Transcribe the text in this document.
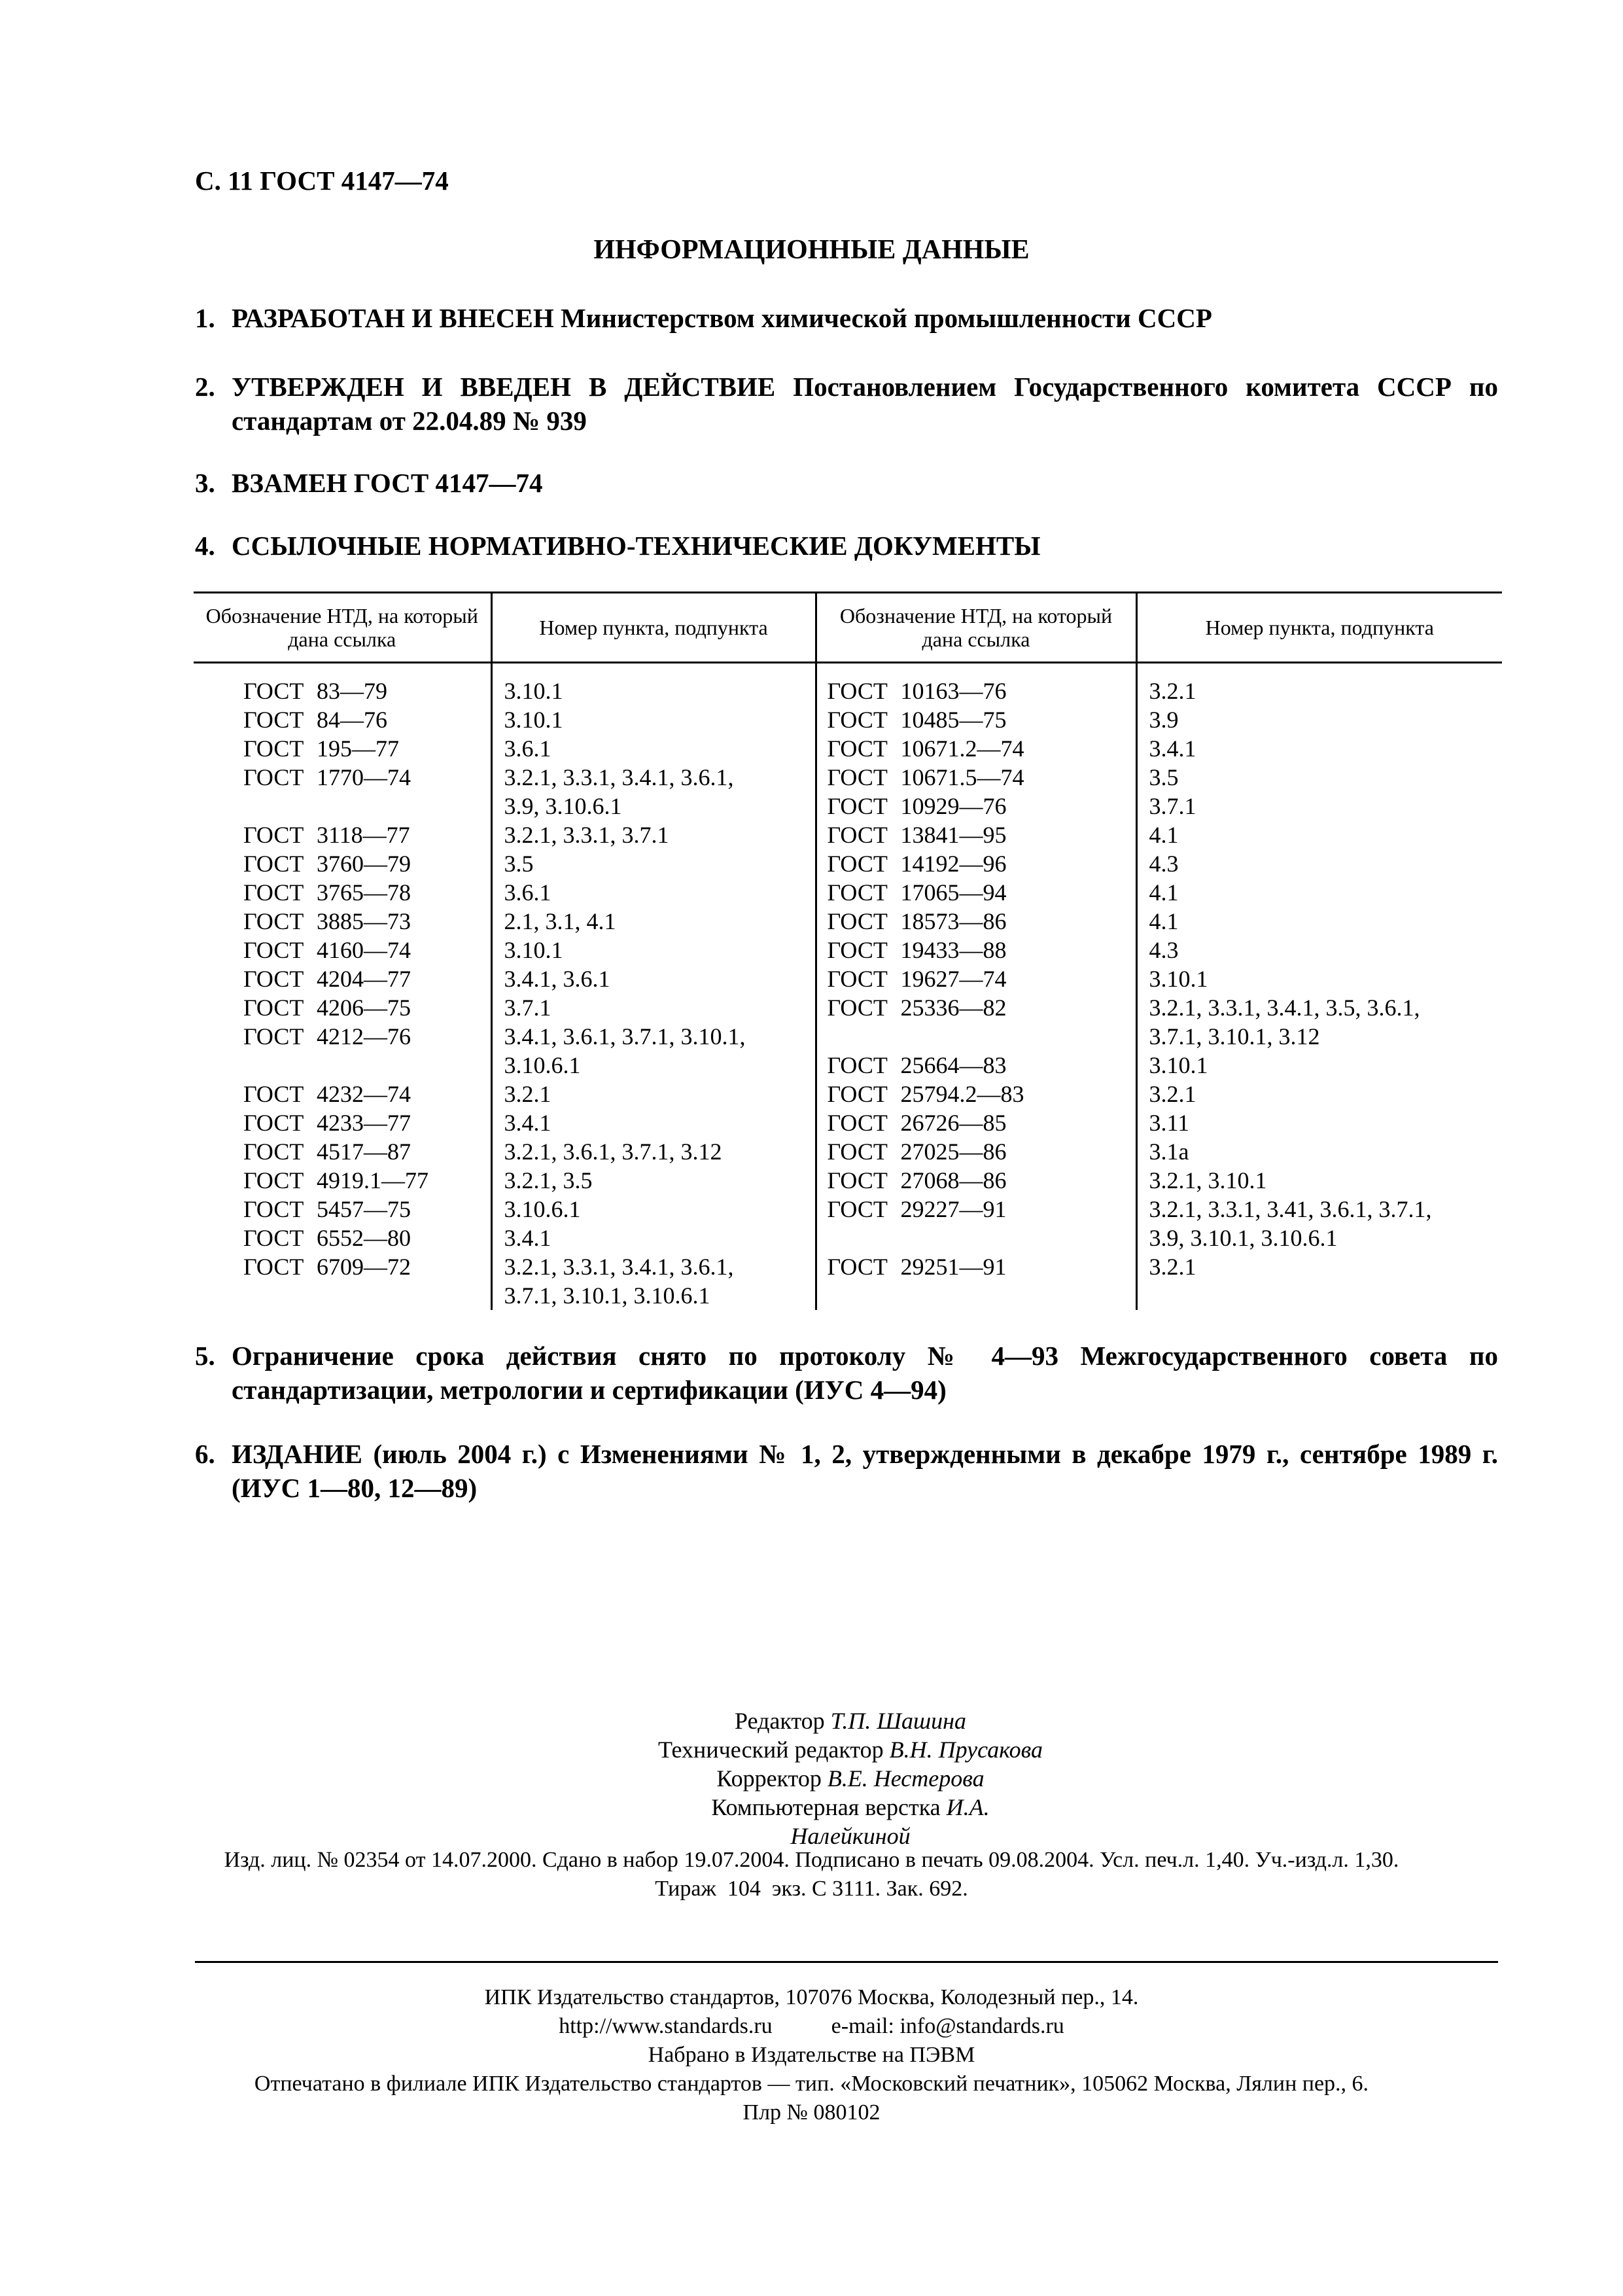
С. 11 ГОСТ 4147—74
ИНФОРМАЦИОННЫЕ ДАННЫЕ
1. РАЗРАБОТАН И ВНЕСЕН Министерством химической промышленности СССР
2. УТВЕРЖДЕН И ВВЕДЕН В ДЕЙСТВИЕ Постановлением Государственного комитета СССР по стандартам от 22.04.89 № 939
3. ВЗАМЕН ГОСТ 4147—74
4. ССЫЛОЧНЫЕ НОРМАТИВНО-ТЕХНИЧЕСКИЕ ДОКУМЕНТЫ
Обозначение НТД, на который дана ссылка	Номер пункта, подпункта	Обозначение НТД, на который дана ссылка	Номер пункта, подпункта
ГОСТ 83—79	3.10.1	ГОСТ 10163—76	3.2.1
ГОСТ 84—76	3.10.1	ГОСТ 10485—75	3.9
ГОСТ 195—77	3.6.1	ГОСТ 10671.2—74	3.4.1
ГОСТ 1770—74	3.2.1, 3.3.1, 3.4.1, 3.6.1,	ГОСТ 10671.5—74	3.5
	3.9, 3.10.6.1	ГОСТ 10929—76	3.7.1
ГОСТ 3118—77	3.2.1, 3.3.1, 3.7.1	ГОСТ 13841—95	4.1
ГОСТ 3760—79	3.5	ГОСТ 14192—96	4.3
ГОСТ 3765—78	3.6.1	ГОСТ 17065—94	4.1
ГОСТ 3885—73	2.1, 3.1, 4.1	ГОСТ 18573—86	4.1
ГОСТ 4160—74	3.10.1	ГОСТ 19433—88	4.3
ГОСТ 4204—77	3.4.1, 3.6.1	ГОСТ 19627—74	3.10.1
ГОСТ 4206—75	3.7.1	ГОСТ 25336—82	3.2.1, 3.3.1, 3.4.1, 3.5, 3.6.1,
ГОСТ 4212—76	3.4.1, 3.6.1, 3.7.1, 3.10.1,		3.7.1, 3.10.1, 3.12
	3.10.6.1	ГОСТ 25664—83	3.10.1
ГОСТ 4232—74	3.2.1	ГОСТ 25794.2—83	3.2.1
ГОСТ 4233—77	3.4.1	ГОСТ 26726—85	3.11
ГОСТ 4517—87	3.2.1, 3.6.1, 3.7.1, 3.12	ГОСТ 27025—86	3.1а
ГОСТ 4919.1—77	3.2.1, 3.5	ГОСТ 27068—86	3.2.1, 3.10.1
ГОСТ 5457—75	3.10.6.1	ГОСТ 29227—91	3.2.1, 3.3.1, 3.41, 3.6.1, 3.7.1,
ГОСТ 6552—80	3.4.1		3.9, 3.10.1, 3.10.6.1
ГОСТ 6709—72	3.2.1, 3.3.1, 3.4.1, 3.6.1,	ГОСТ 29251—91	3.2.1
	3.7.1, 3.10.1, 3.10.6.1		
5. Ограничение срока действия снято по протоколу № 4—93 Межгосударственного совета по стандартизации, метрологии и сертификации (ИУС 4—94)
6. ИЗДАНИЕ (июль 2004 г.) с Изменениями № 1, 2, утвержденными в декабре 1979 г., сентябре 1989 г. (ИУС 1—80, 12—89)
Редактор Т.П. Шашина
Технический редактор В.Н. Прусакова
Корректор В.Е. Нестерова
Компьютерная верстка И.А. Налейкиной
Изд. лиц. № 02354 от 14.07.2000. Сдано в набор 19.07.2004. Подписано в печать 09.08.2004. Усл. печ.л. 1,40. Уч.-изд.л. 1,30.
Тираж  104  экз. С 3111. Зак. 692.
ИПК Издательство стандартов, 107076 Москва, Колодезный пер., 14.
http://www.standards.ru	e-mail: info@standards.ru
Набрано в Издательстве на ПЭВМ
Отпечатано в филиале ИПК Издательство стандартов — тип. «Московский печатник», 105062 Москва, Лялин пер., 6.
Плр № 080102
